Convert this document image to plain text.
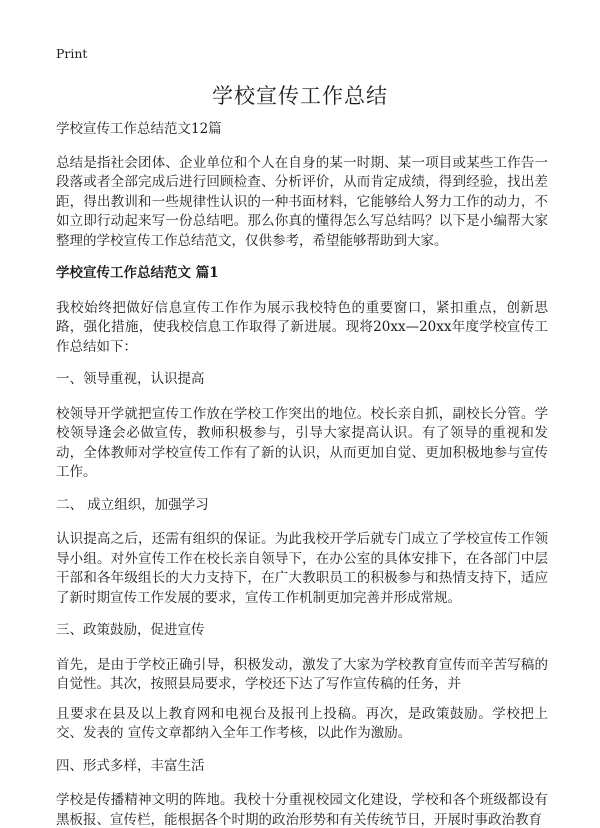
Print
学校宣传工作总结

学校宣传工作总结范文12篇

总结是指社会团体、企业单位和个人在自身的某一时期、某一项目或某些工作告一段落或者全部完成后进行回顾检查、分析评价，从而肯定成绩，得到经验，找出差距，得出教训和一些规律性认识的一种书面材料，它能够给人努力工作的动力，不如立即行动起来写一份总结吧。那么你真的懂得怎么写总结吗？以下是小编帮大家整理的学校宣传工作总结范文，仅供参考，希望能够帮助到大家。

学校宣传工作总结范文 篇1

我校始终把做好信息宣传工作作为展示我校特色的重要窗口，紧扣重点，创新思路，强化措施，使我校信息工作取得了新进展。现将20xx—20xx年度学校宣传工作总结如下：

一、领导重视，认识提高

校领导开学就把宣传工作放在学校工作突出的地位。校长亲自抓，副校长分管。学校领导逢会必做宣传，教师积极参与，引导大家提高认识。有了领导的重视和发动，全体教师对学校宣传工作有了新的认识，从而更加自觉、更加积极地参与宣传工作。

二、 成立组织，加强学习

认识提高之后，还需有组织的保证。为此我校开学后就专门成立了学校宣传工作领导小组。对外宣传工作在校长亲自领导下，在办公室的具体安排下，在各部门中层干部和各年级组长的大力支持下，在广大教职员工的积极参与和热情支持下，适应了新时期宣传工作发展的要求，宣传工作机制更加完善并形成常规。

三、政策鼓励，促进宣传

首先，是由于学校正确引导，积极发动，激发了大家为学校教育宣传而辛苦写稿的自觉性。其次，按照县局要求，学校还下达了写作宣传稿的任务，并

且要求在县及以上教育网和电视台及报刊上投稿。再次，是政策鼓励。学校把上交、发表的 宣传文章都纳入全年工作考核，以此作为激励。

四、形式多样，丰富生活

学校是传播精神文明的阵地。我校十分重视校园文化建设，学校和各个班级都设有黑板报、宣传栏，能根据各个时期的政治形势和有关传统节日，开展时事政治教育
